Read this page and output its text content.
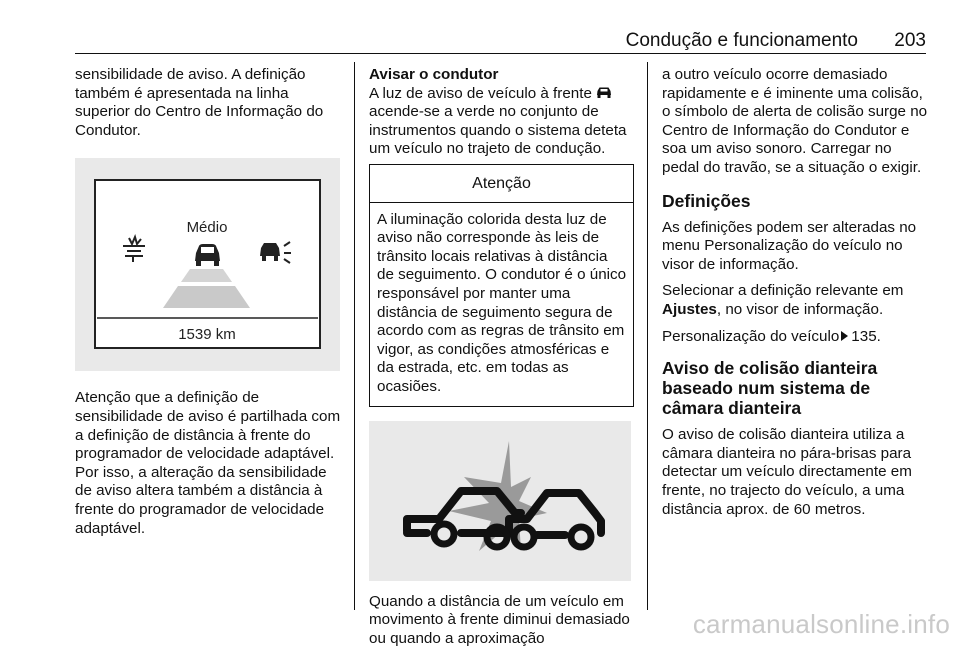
Condução e funcionamento 203

sensibilidade de aviso. A definição também é apresentada na linha superior do Centro de Informação do Condutor.

Médio
1539 km

Atenção que a definição de sensibilidade de aviso é partilhada com a definição de distância à frente do programador de velocidade adaptável. Por isso, a alteração da sensibilidade de aviso altera também a distância à frente do programador de velocidade adaptável.

Avisar o condutor

A luz de aviso de veículo à frente  acende-se a verde no conjunto de instrumentos quando o sistema deteta um veículo no trajeto de condução.

Atenção
A iluminação colorida desta luz de aviso não corresponde às leis de trânsito locais relativas à distância de seguimento. O condutor é o único responsável por manter uma distância de seguimento segura de acordo com as regras de trânsito em vigor, as condições atmosféricas e da estrada, etc. em todas as ocasiões.

Quando a distância de um veículo em movimento à frente diminui demasiado ou quando a aproximação

a outro veículo ocorre demasiado rapidamente e é iminente uma colisão, o símbolo de alerta de colisão surge no Centro de Informação do Condutor e soa um aviso sonoro. Carregar no pedal do travão, se a situação o exigir.

Definições

As definições podem ser alteradas no menu Personalização do veículo no visor de informação.

Selecionar a definição relevante em Ajustes, no visor de informação.

Personalização do veículo 135.

Aviso de colisão dianteira baseado num sistema de câmara dianteira

O aviso de colisão dianteira utiliza a câmara dianteira no pára-brisas para detectar um veículo directamente em frente, no trajecto do veículo, a uma distância aprox. de 60 metros.

carmanualsonline.info
